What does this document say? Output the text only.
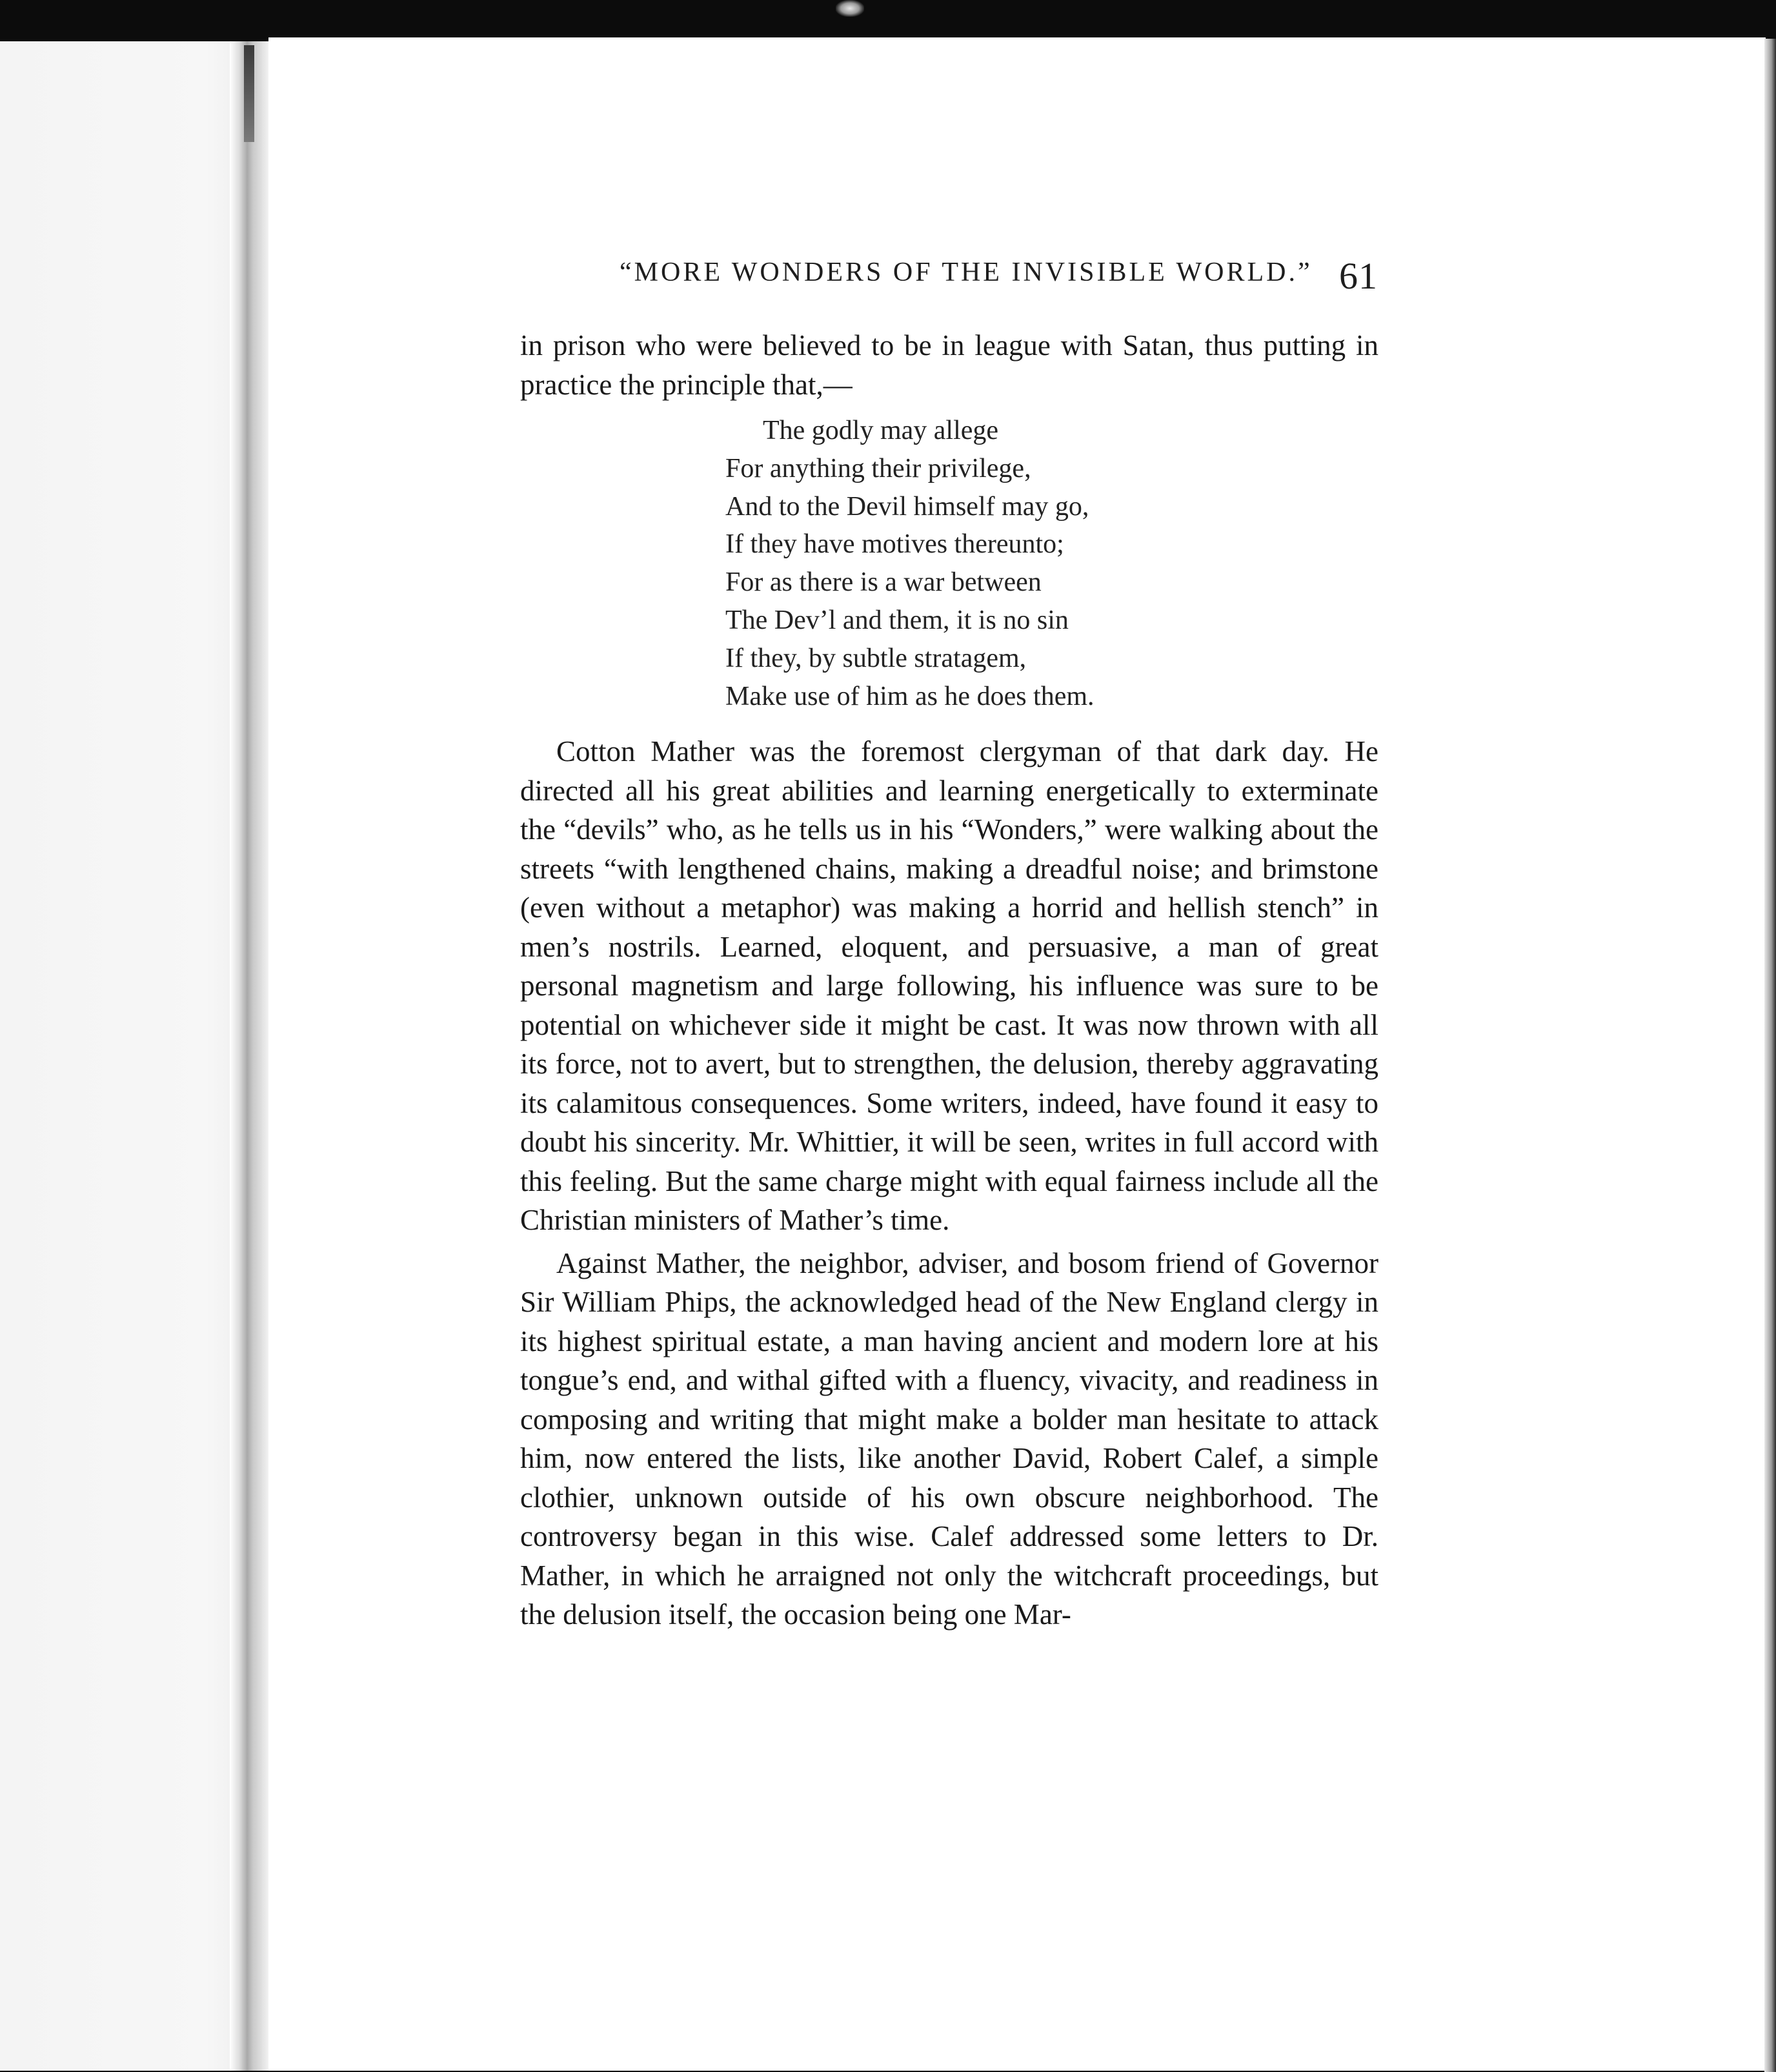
“MORE WONDERS OF THE INVISIBLE WORLD.” 61

in prison who were believed to be in league with Satan, thus putting in practice the principle that,—

The godly may allege
For anything their privilege,
And to the Devil himself may go,
If they have motives thereunto;
For as there is a war between
The Dev’l and them, it is no sin
If they, by subtle stratagem,
Make use of him as he does them.

Cotton Mather was the foremost clergyman of that dark day. He directed all his great abilities and learning energetically to exterminate the “devils” who, as he tells us in his “Wonders,” were walking about the streets “with lengthened chains, making a dreadful noise; and brimstone (even without a metaphor) was making a horrid and hellish stench” in men’s nostrils. Learned, eloquent, and persuasive, a man of great personal magnetism and large following, his influence was sure to be potential on whichever side it might be cast. It was now thrown with all its force, not to avert, but to strengthen, the delusion, thereby aggravating its calamitous consequences. Some writers, indeed, have found it easy to doubt his sincerity. Mr. Whittier, it will be seen, writes in full accord with this feeling. But the same charge might with equal fairness include all the Christian ministers of Mather’s time.

Against Mather, the neighbor, adviser, and bosom friend of Governor Sir William Phips, the acknowledged head of the New England clergy in its highest spiritual estate, a man having ancient and modern lore at his tongue’s end, and withal gifted with a fluency, vivacity, and readiness in composing and writing that might make a bolder man hesitate to attack him, now entered the lists, like another David, Robert Calef, a simple clothier, unknown outside of his own obscure neighborhood. The controversy began in this wise. Calef addressed some letters to Dr. Mather, in which he arraigned not only the witchcraft proceedings, but the delusion itself, the occasion being one Mar-
